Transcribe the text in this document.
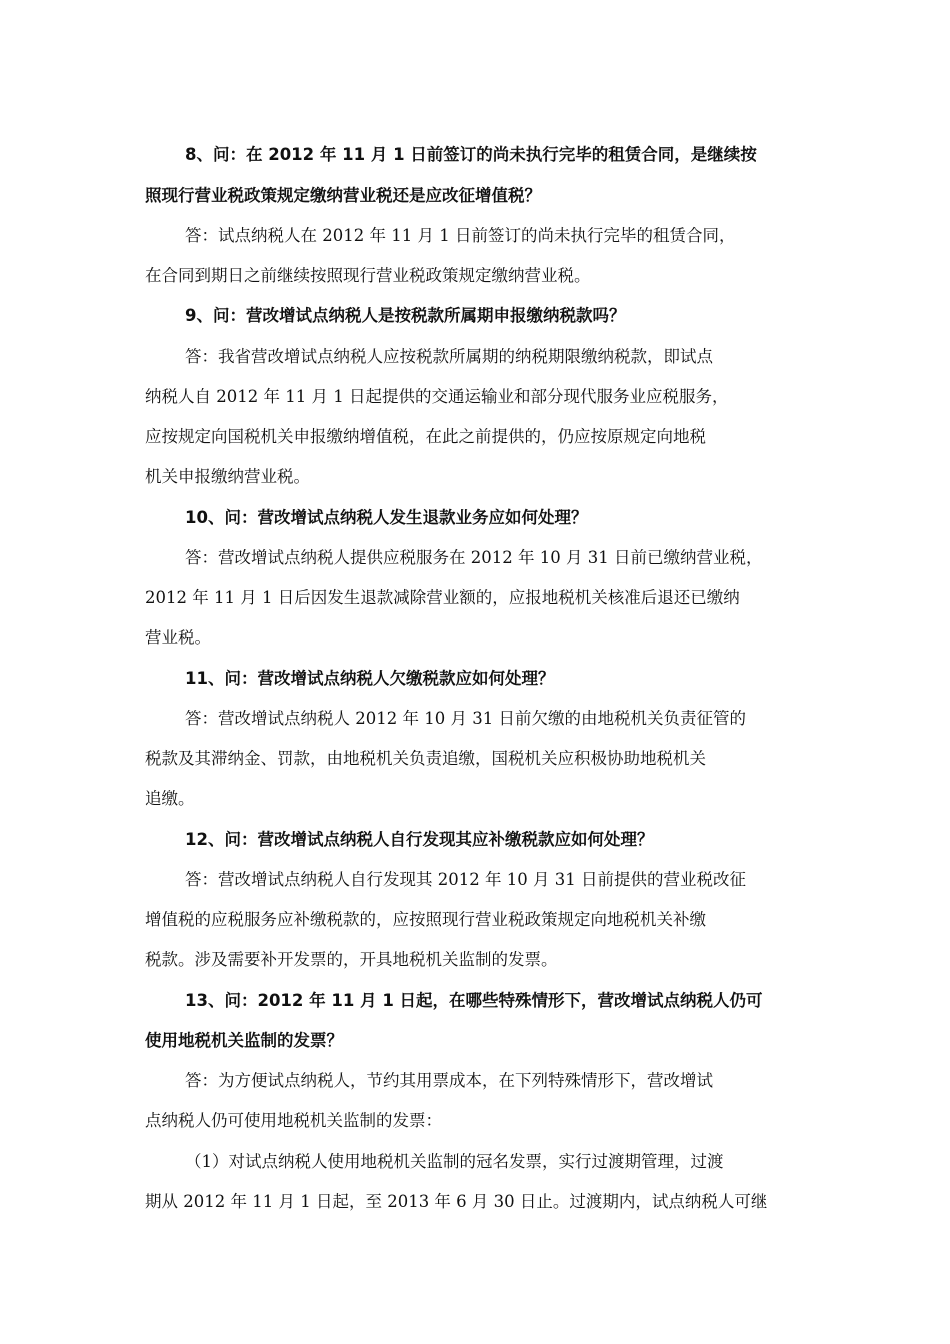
8、问：在 2012 年 11 月 1 日前签订的尚未执行完毕的租赁合同，是继续按
照现行营业税政策规定缴纳营业税还是应改征增值税？
答：试点纳税人在 2012 年 11 月 1 日前签订的尚未执行完毕的租赁合同，
在合同到期日之前继续按照现行营业税政策规定缴纳营业税。
9、问：营改增试点纳税人是按税款所属期申报缴纳税款吗？
答：我省营改增试点纳税人应按税款所属期的纳税期限缴纳税款，即试点
纳税人自 2012 年 11 月 1 日起提供的交通运输业和部分现代服务业应税服务，
应按规定向国税机关申报缴纳增值税，在此之前提供的，仍应按原规定向地税
机关申报缴纳营业税。
10、问：营改增试点纳税人发生退款业务应如何处理？
答：营改增试点纳税人提供应税服务在 2012 年 10 月 31 日前已缴纳营业税，
2012 年 11 月 1 日后因发生退款减除营业额的，应报地税机关核准后退还已缴纳
营业税。
11、问：营改增试点纳税人欠缴税款应如何处理？
答：营改增试点纳税人 2012 年 10 月 31 日前欠缴的由地税机关负责征管的
税款及其滞纳金、罚款，由地税机关负责追缴，国税机关应积极协助地税机关
追缴。
12、问：营改增试点纳税人自行发现其应补缴税款应如何处理？
答：营改增试点纳税人自行发现其 2012 年 10 月 31 日前提供的营业税改征
增值税的应税服务应补缴税款的，应按照现行营业税政策规定向地税机关补缴
税款。涉及需要补开发票的，开具地税机关监制的发票。
13、问：2012 年 11 月 1 日起，在哪些特殊情形下，营改增试点纳税人仍可
使用地税机关监制的发票？
答：为方便试点纳税人，节约其用票成本，在下列特殊情形下，营改增试
点纳税人仍可使用地税机关监制的发票：
（1）对试点纳税人使用地税机关监制的冠名发票，实行过渡期管理，过渡
期从 2012 年 11 月 1 日起，至 2013 年 6 月 30 日止。过渡期内，试点纳税人可继
